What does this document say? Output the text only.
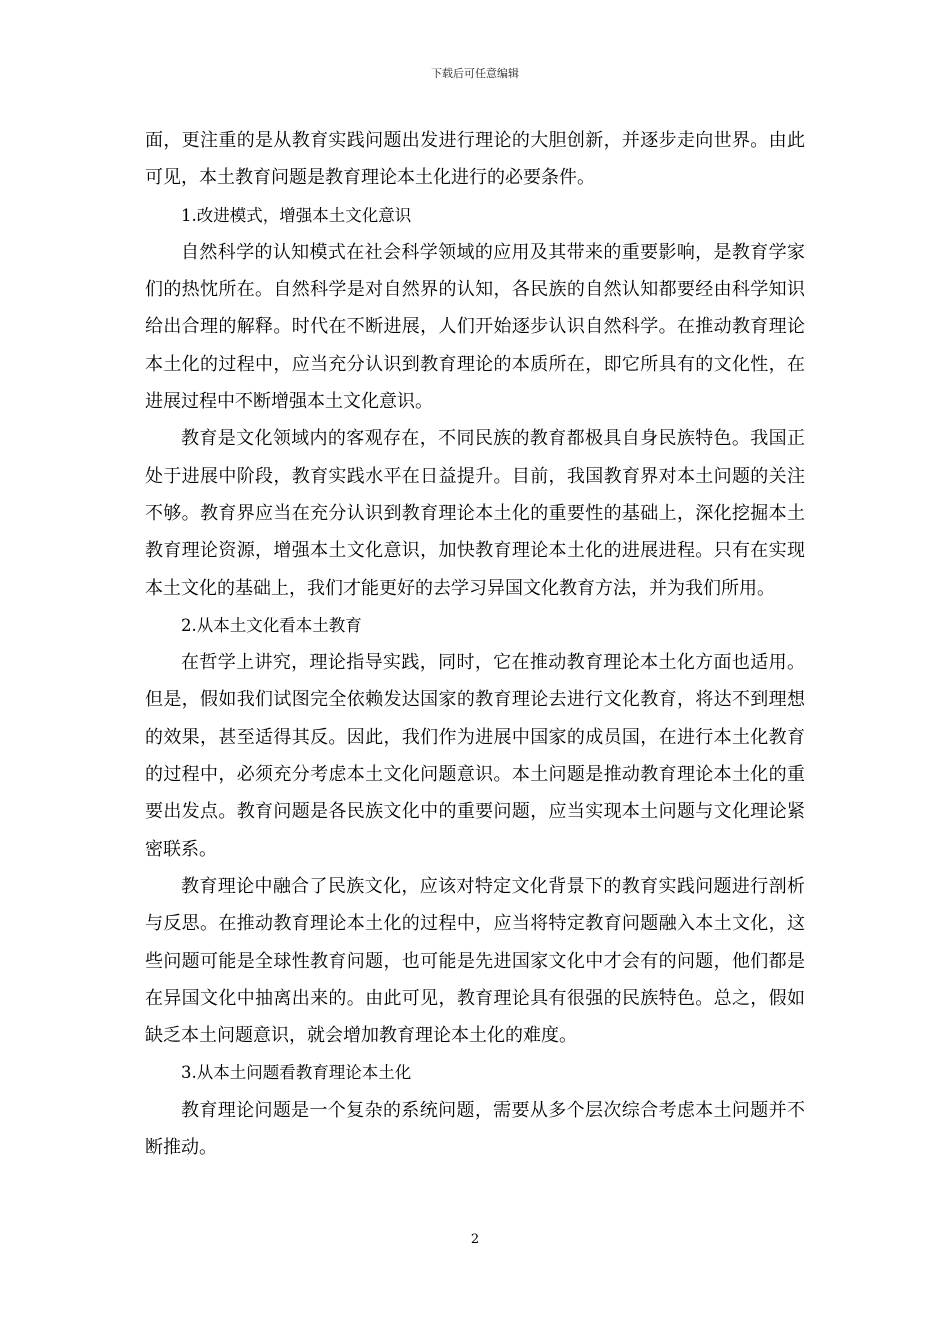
下载后可任意编辑

面，更注重的是从教育实践问题出发进行理论的大胆创新，并逐步走向世界。由此可见，本土教育问题是教育理论本土化进行的必要条件。

1.改进模式，增强本土文化意识

自然科学的认知模式在社会科学领域的应用及其带来的重要影响，是教育学家们的热忱所在。自然科学是对自然界的认知，各民族的自然认知都要经由科学知识给出合理的解释。时代在不断进展，人们开始逐步认识自然科学。在推动教育理论本土化的过程中，应当充分认识到教育理论的本质所在，即它所具有的文化性，在进展过程中不断增强本土文化意识。

教育是文化领域内的客观存在，不同民族的教育都极具自身民族特色。我国正处于进展中阶段，教育实践水平在日益提升。目前，我国教育界对本土问题的关注不够。教育界应当在充分认识到教育理论本土化的重要性的基础上，深化挖掘本土教育理论资源，增强本土文化意识，加快教育理论本土化的进展进程。只有在实现本土文化的基础上，我们才能更好的去学习异国文化教育方法，并为我们所用。

2.从本土文化看本土教育

在哲学上讲究，理论指导实践，同时，它在推动教育理论本土化方面也适用。但是，假如我们试图完全依赖发达国家的教育理论去进行文化教育，将达不到理想的效果，甚至适得其反。因此，我们作为进展中国家的成员国，在进行本土化教育的过程中，必须充分考虑本土文化问题意识。本土问题是推动教育理论本土化的重要出发点。教育问题是各民族文化中的重要问题，应当实现本土问题与文化理论紧密联系。

教育理论中融合了民族文化，应该对特定文化背景下的教育实践问题进行剖析与反思。在推动教育理论本土化的过程中，应当将特定教育问题融入本土文化，这些问题可能是全球性教育问题，也可能是先进国家文化中才会有的问题，他们都是在异国文化中抽离出来的。由此可见，教育理论具有很强的民族特色。总之，假如缺乏本土问题意识，就会增加教育理论本土化的难度。

3.从本土问题看教育理论本土化

教育理论问题是一个复杂的系统问题，需要从多个层次综合考虑本土问题并不断推动。

2
